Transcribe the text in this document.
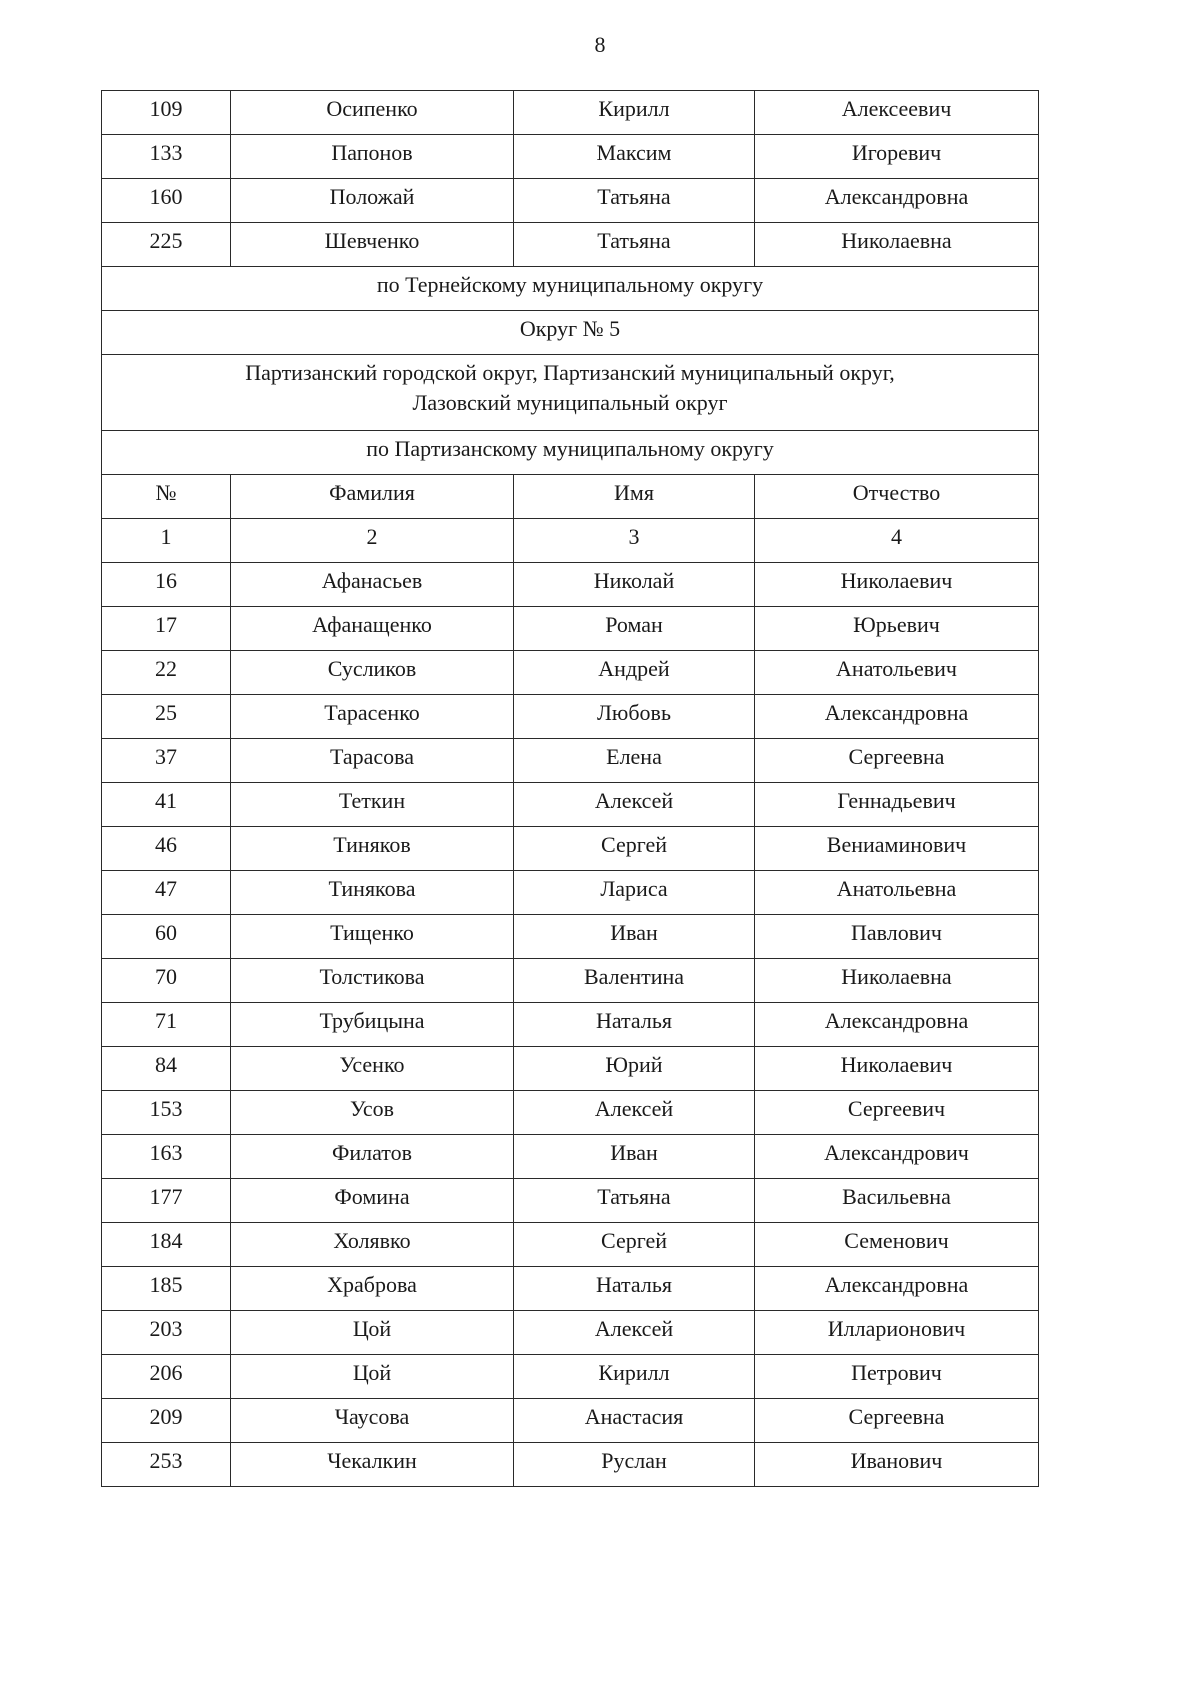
8
109	Осипенко	Кирилл	Алексеевич
133	Папонов	Максим	Игоревич
160	Положай	Татьяна	Александровна
225	Шевченко	Татьяна	Николаевна
по Тернейскому муниципальному округу			
Округ № 5			
Партизанский городской округ, Партизанский муниципальный округ,
Лазовский муниципальный округ			
по Партизанскому муниципальному округу			
№	Фамилия	Имя	Отчество
1	2	3	4
16	Афанасьев	Николай	Николаевич
17	Афанащенко	Роман	Юрьевич
22	Сусликов	Андрей	Анатольевич
25	Тарасенко	Любовь	Александровна
37	Тарасова	Елена	Сергеевна
41	Теткин	Алексей	Геннадьевич
46	Тиняков	Сергей	Вениаминович
47	Тинякова	Лариса	Анатольевна
60	Тищенко	Иван	Павлович
70	Толстикова	Валентина	Николаевна
71	Трубицына	Наталья	Александровна
84	Усенко	Юрий	Николаевич
153	Усов	Алексей	Сергеевич
163	Филатов	Иван	Александрович
177	Фомина	Татьяна	Васильевна
184	Холявко	Сергей	Семенович
185	Храброва	Наталья	Александровна
203	Цой	Алексей	Илларионович
206	Цой	Кирилл	Петрович
209	Чаусова	Анастасия	Сергеевна
253	Чекалкин	Руслан	Иванович
